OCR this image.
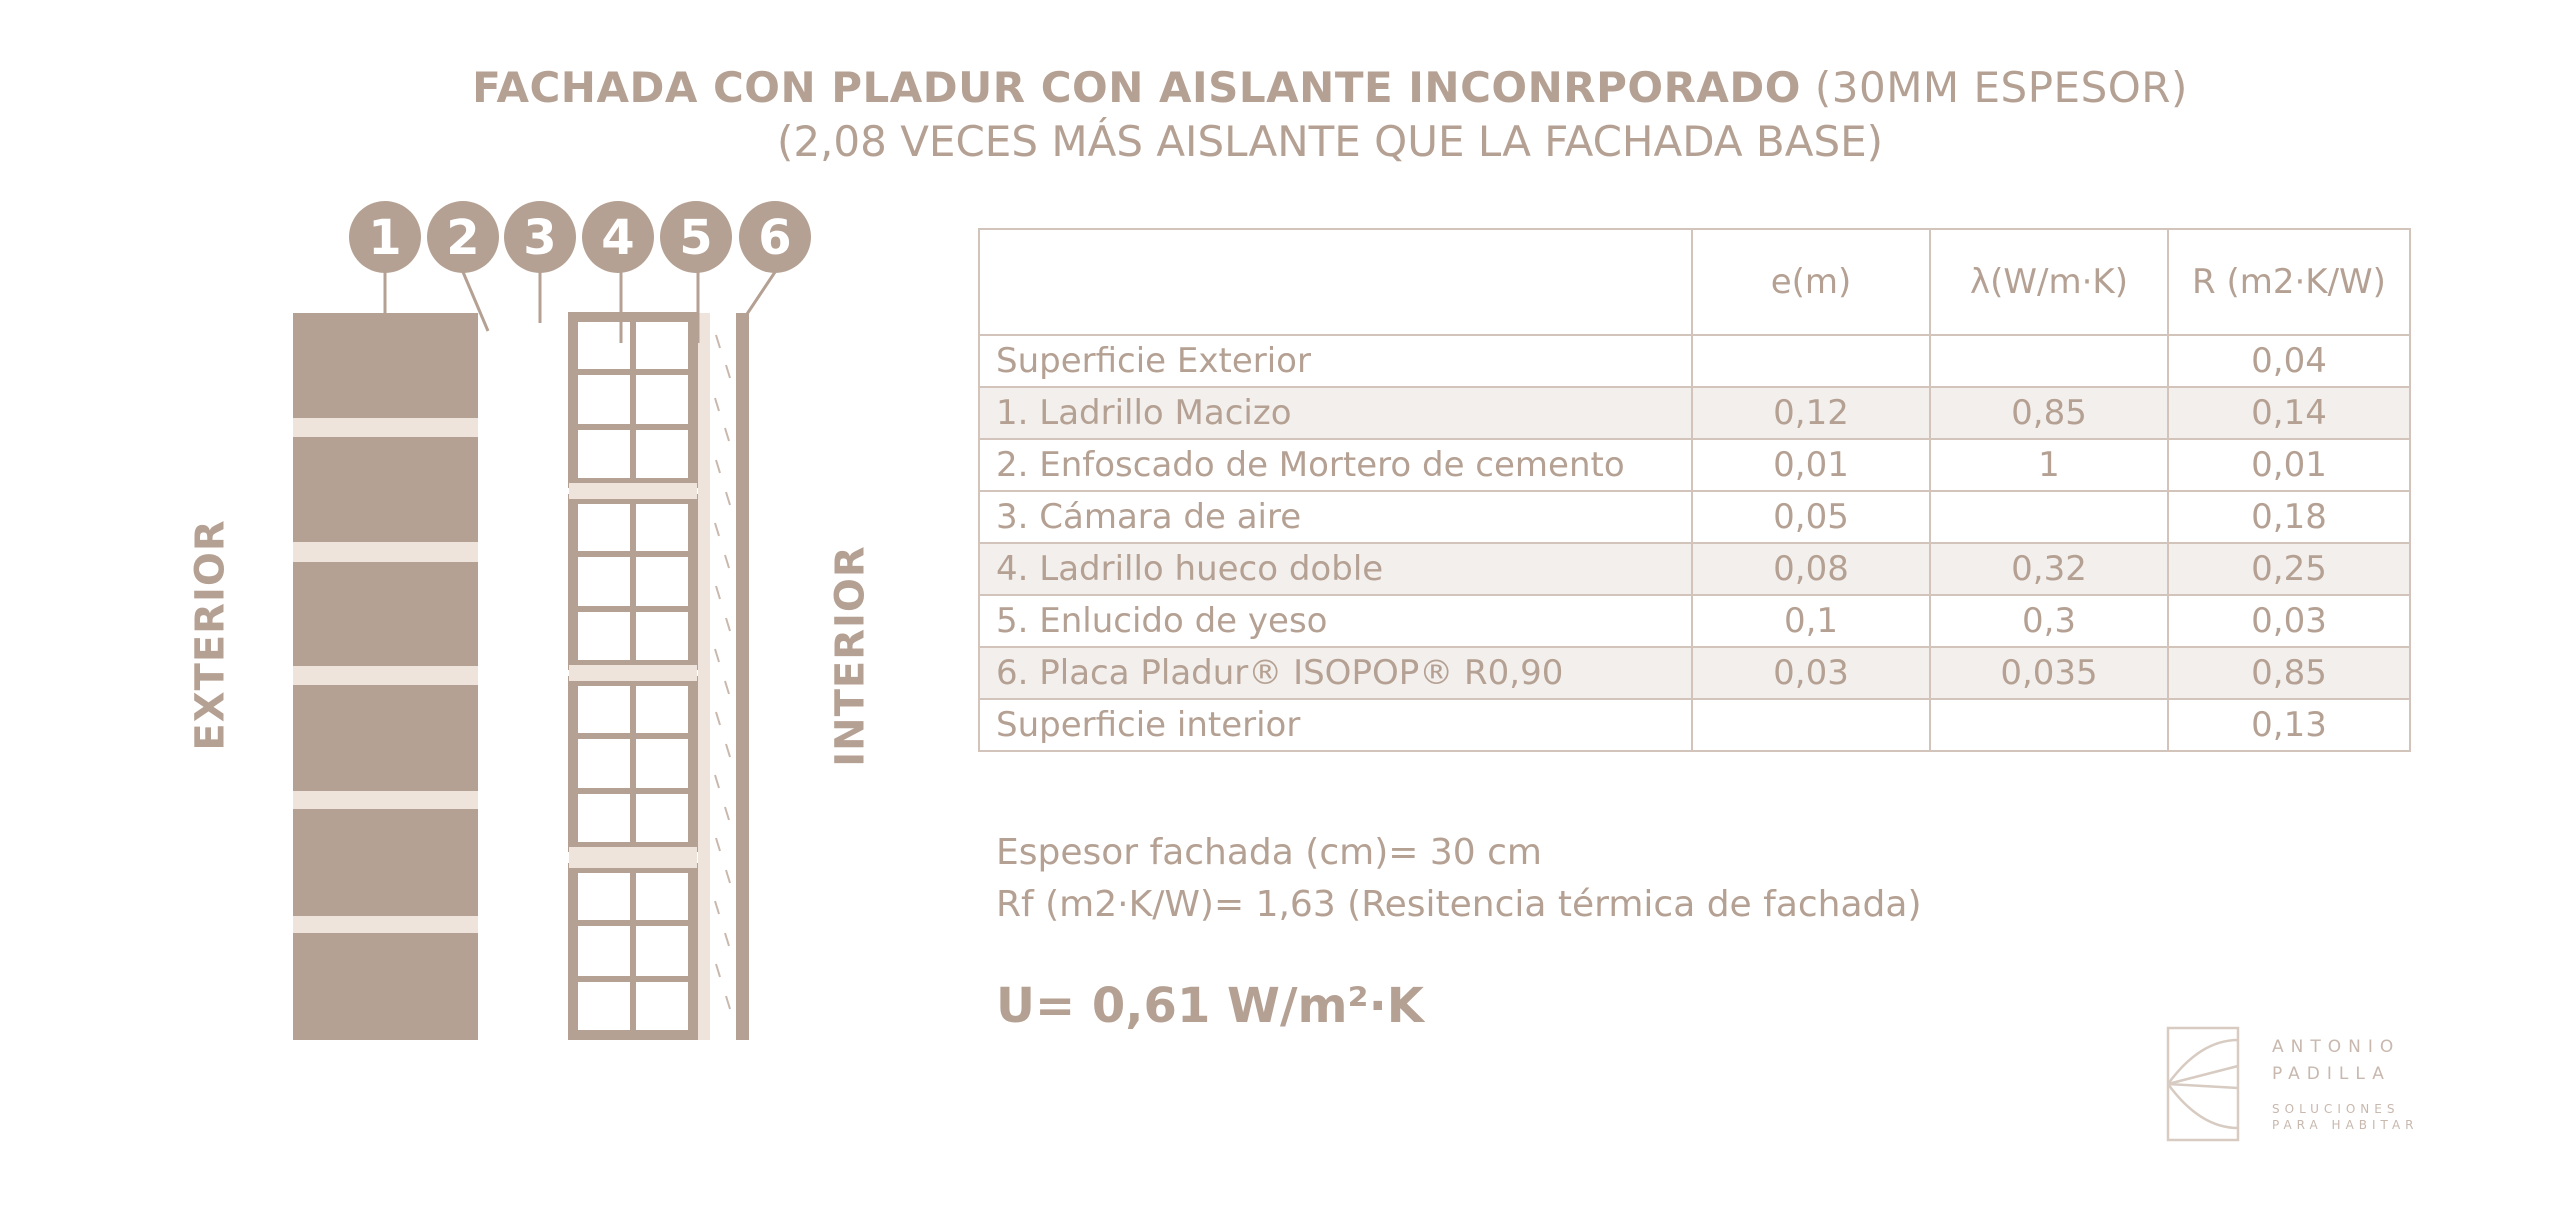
FACHADA CON PLADUR CON AISLANTE INCONRPORADO (30MM ESPESOR)
(2,08 VECES MÁS AISLANTE QUE LA FACHADA BASE)
EXTERIOR	INTERIOR
1 2 3 4 5 6
	e(m)	λ(W/m·K)	R (m2·K/W)
Superficie Exterior			0,04
1. Ladrillo Macizo	0,12	0,85	0,14
2. Enfoscado de Mortero de cemento	0,01	1	0,01
3. Cámara de aire	0,05		0,18
4. Ladrillo hueco doble	0,08	0,32	0,25
5. Enlucido de yeso	0,1	0,3	0,03
6. Placa Pladur® ISOPOP® R0,90	0,03	0,035	0,85
Superficie interior			0,13
Espesor fachada (cm)= 30 cm
Rf (m2·K/W)= 1,63 (Resitencia térmica de fachada)
U= 0,61 W/m²·K
ANTONIO
PADILLA
SOLUCIONES
PARA HABITAR
